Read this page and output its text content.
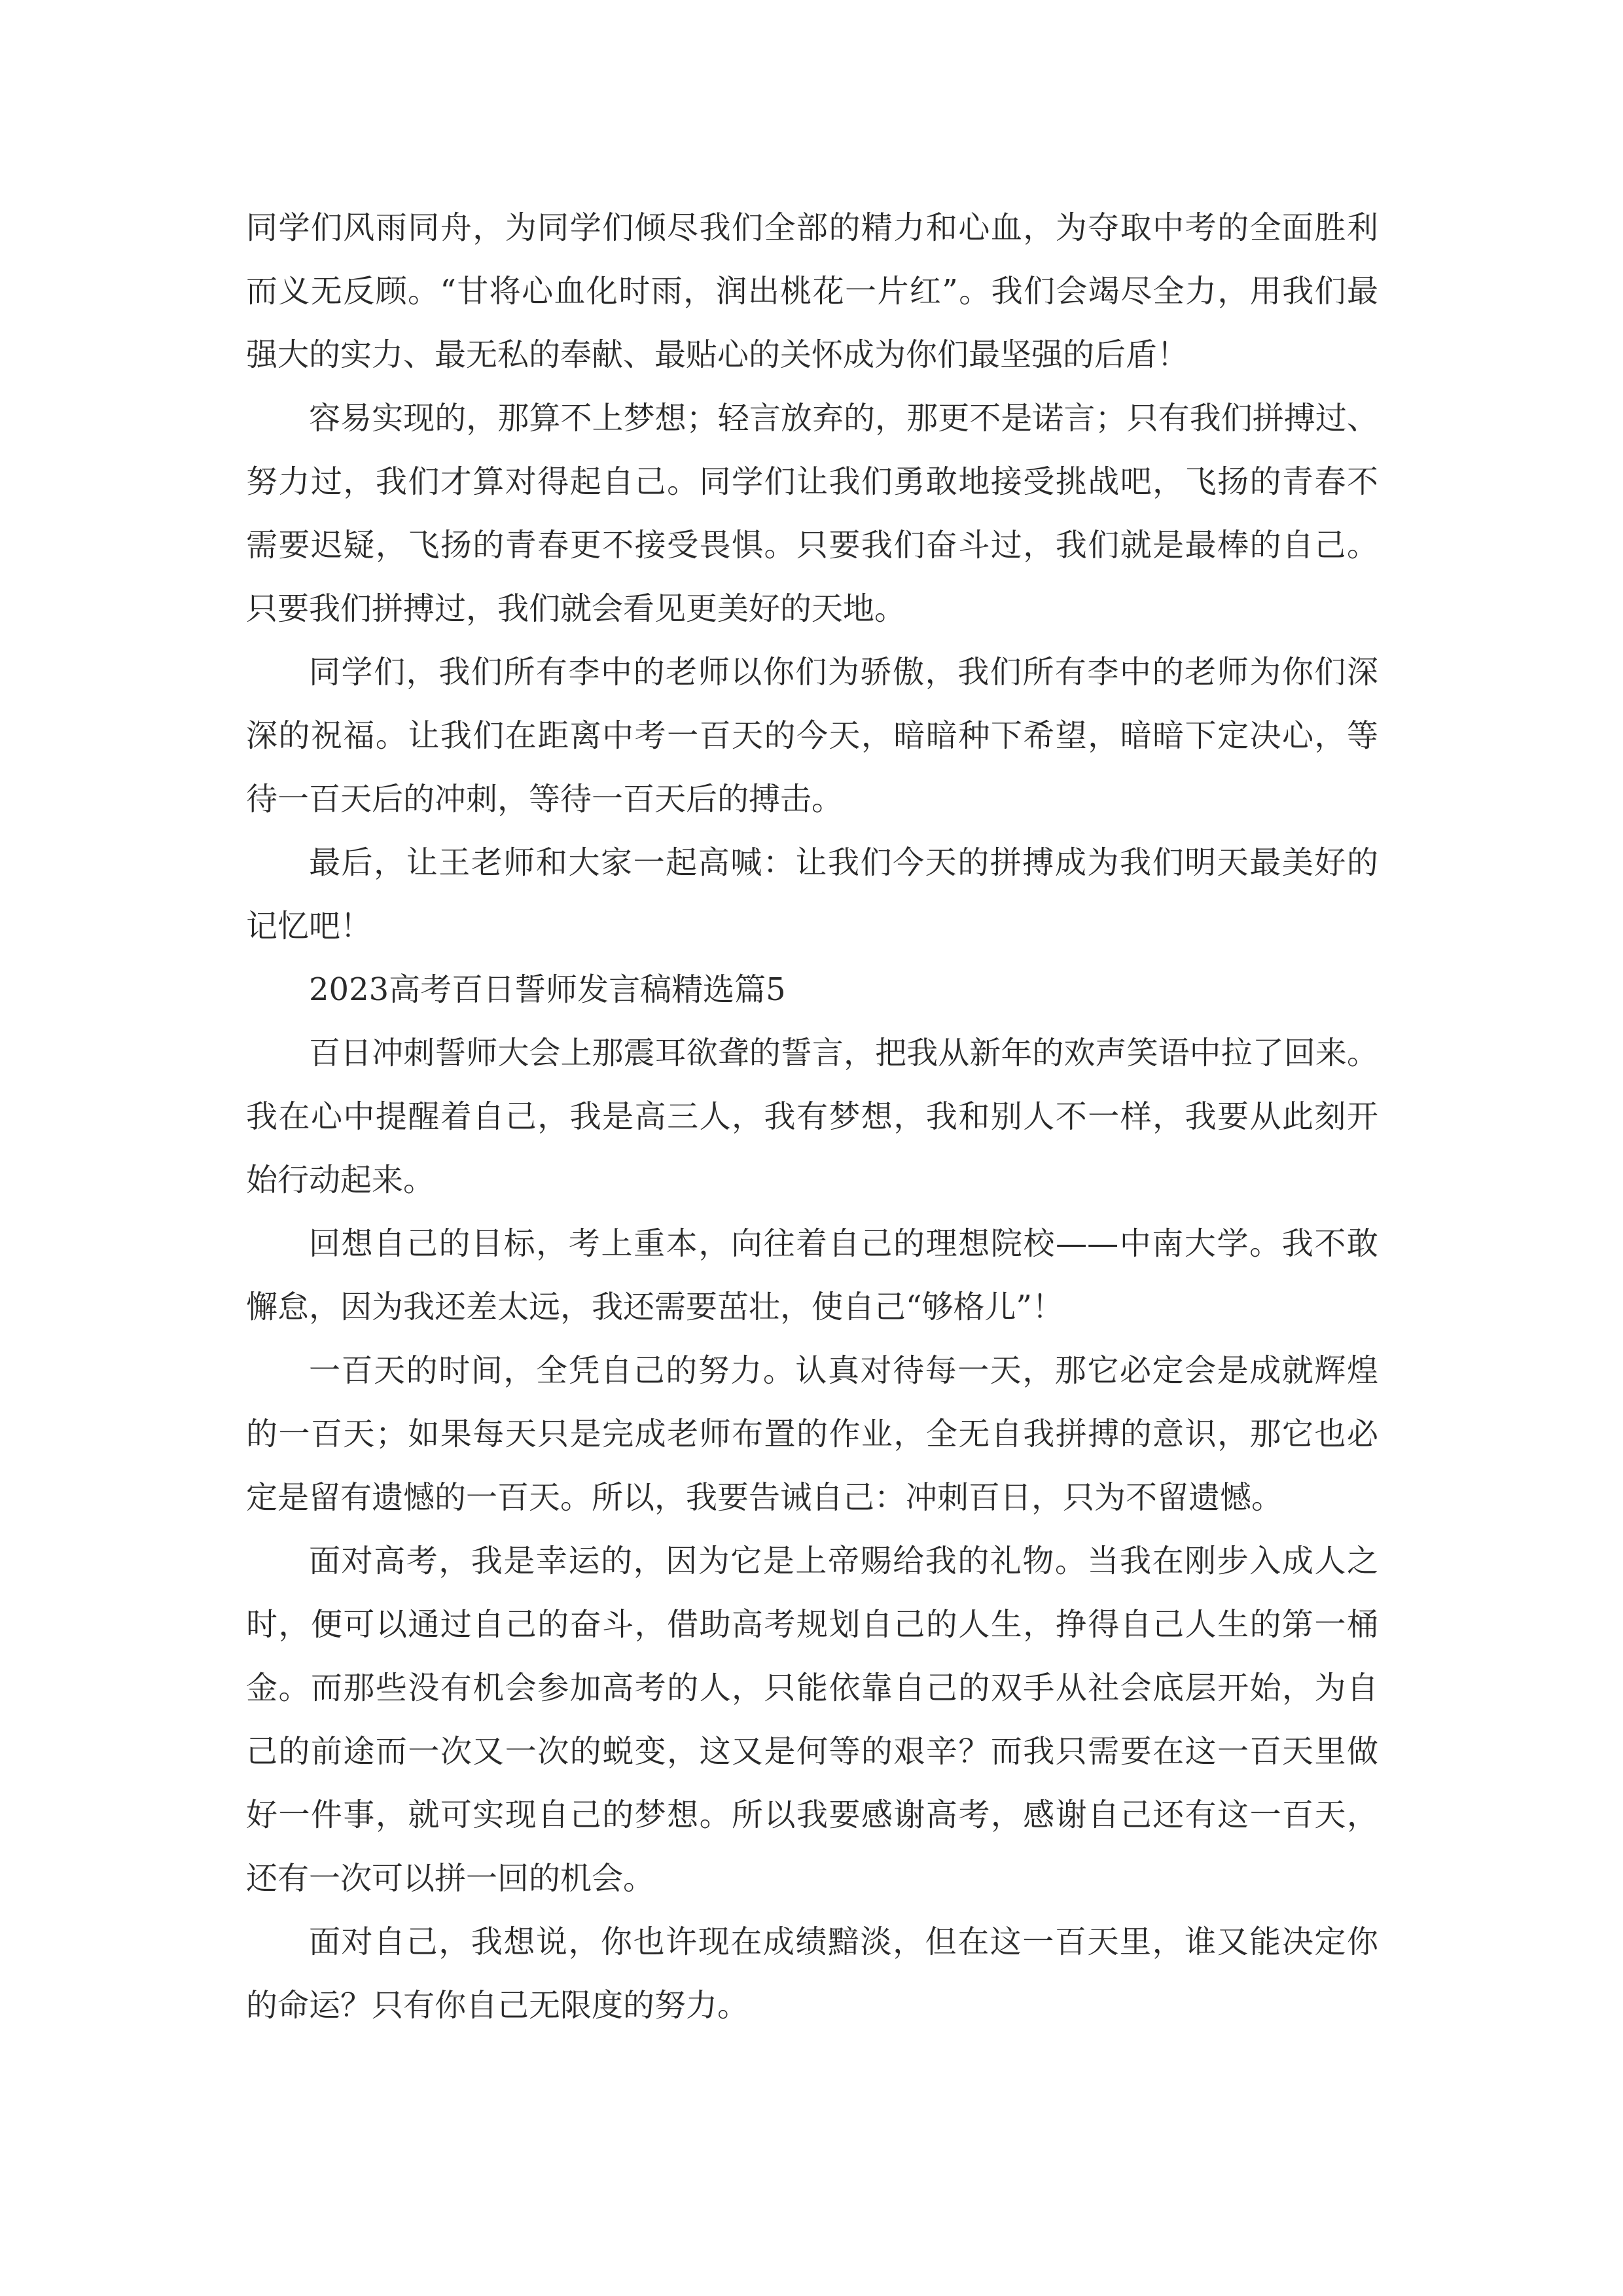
同学们风雨同舟，为同学们倾尽我们全部的精力和心血，为夺取中考的全面胜利
而义无反顾。“甘将心血化时雨，润出桃花一片红”。我们会竭尽全力，用我们最
强大的实力、最无私的奉献、最贴心的关怀成为你们最坚强的后盾！
容易实现的，那算不上梦想；轻言放弃的，那更不是诺言；只有我们拼搏过、
努力过，我们才算对得起自己。同学们让我们勇敢地接受挑战吧，飞扬的青春不
需要迟疑，飞扬的青春更不接受畏惧。只要我们奋斗过，我们就是最棒的自己。
只要我们拼搏过，我们就会看见更美好的天地。
同学们，我们所有李中的老师以你们为骄傲，我们所有李中的老师为你们深
深的祝福。让我们在距离中考一百天的今天，暗暗种下希望，暗暗下定决心，等
待一百天后的冲刺，等待一百天后的搏击。
最后，让王老师和大家一起高喊：让我们今天的拼搏成为我们明天最美好的
记忆吧！
2023高考百日誓师发言稿精选篇5
百日冲刺誓师大会上那震耳欲聋的誓言，把我从新年的欢声笑语中拉了回来。
我在心中提醒着自己，我是高三人，我有梦想，我和别人不一样，我要从此刻开
始行动起来。
回想自己的目标，考上重本，向往着自己的理想院校——中南大学。我不敢
懈怠，因为我还差太远，我还需要茁壮，使自己“够格儿”！
一百天的时间，全凭自己的努力。认真对待每一天，那它必定会是成就辉煌
的一百天；如果每天只是完成老师布置的作业，全无自我拼搏的意识，那它也必
定是留有遗憾的一百天。所以，我要告诫自己：冲刺百日，只为不留遗憾。
面对高考，我是幸运的，因为它是上帝赐给我的礼物。当我在刚步入成人之
时，便可以通过自己的奋斗，借助高考规划自己的人生，挣得自己人生的第一桶
金。而那些没有机会参加高考的人，只能依靠自己的双手从社会底层开始，为自
己的前途而一次又一次的蜕变，这又是何等的艰辛？而我只需要在这一百天里做
好一件事，就可实现自己的梦想。所以我要感谢高考，感谢自己还有这一百天，
还有一次可以拼一回的机会。
面对自己，我想说，你也许现在成绩黯淡，但在这一百天里，谁又能决定你
的命运？只有你自己无限度的努力。
